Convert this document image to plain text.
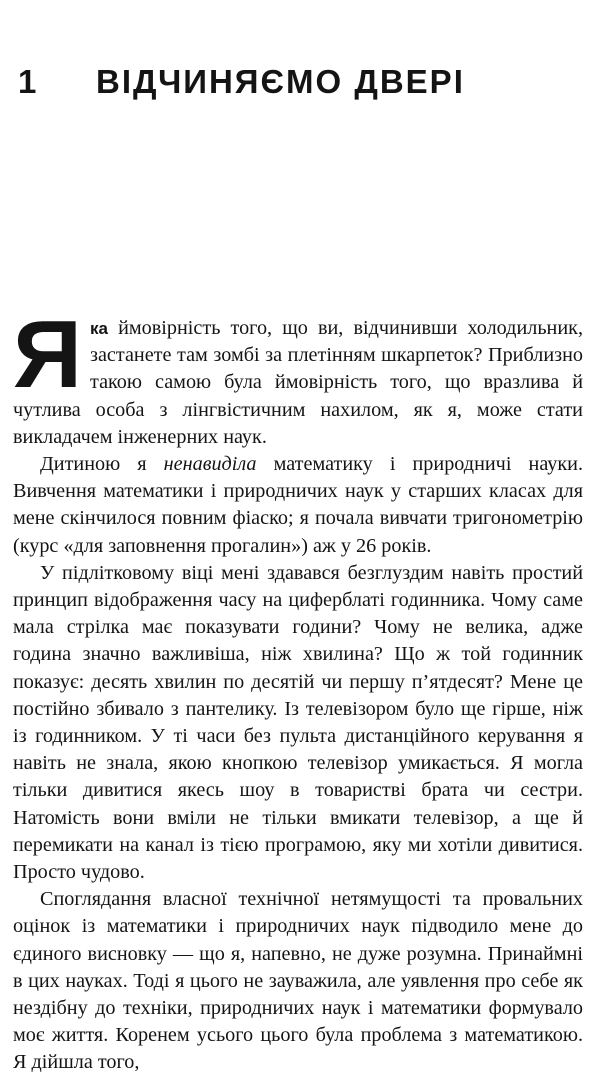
1 ВІДЧИНЯЄМО ДВЕРІ

Яка ймовірність того, що ви, відчинивши холодильник, застанете там зомбі за плетінням шкарпеток? Приблизно такою самою була ймовірність того, що вразлива й чутлива особа з лінгвістичним нахилом, як я, може стати викладачем інженерних наук.

Дитиною я ненавиділа математику і природничі науки. Вивчення математики і природничих наук у старших класах для мене скінчилося повним фіаско; я почала вивчати тригонометрію (курс «для заповнення прогалин») аж у 26 років.

У підлітковому віці мені здавався безглуздим навіть простий принцип відображення часу на циферблаті годинника. Чому саме мала стрілка має показувати години? Чому не велика, адже година значно важливіша, ніж хвилина? Що ж той годинник показує: десять хвилин по десятій чи першу п’ятдесят? Мене це постійно збивало з пантелику. Із телевізором було ще гірше, ніж із годинником. У ті часи без пульта дистанційного керування я навіть не знала, якою кнопкою телевізор умикається. Я могла тільки дивитися якесь шоу в товаристві брата чи сестри. Натомість вони вміли не тільки вмикати телевізор, а ще й перемикати на канал із тією програмою, яку ми хотіли дивитися. Просто чудово.

Споглядання власної технічної нетямущості та провальних оцінок із математики і природничих наук підводило мене до єдиного висновку — що я, напевно, не дуже розумна. Принаймні в цих науках. Тоді я цього не зауважила, але уявлення про себе як нездібну до техніки, природничих наук і математики формувало моє життя. Коренем усього цього була проблема з математикою. Я дійшла того,
